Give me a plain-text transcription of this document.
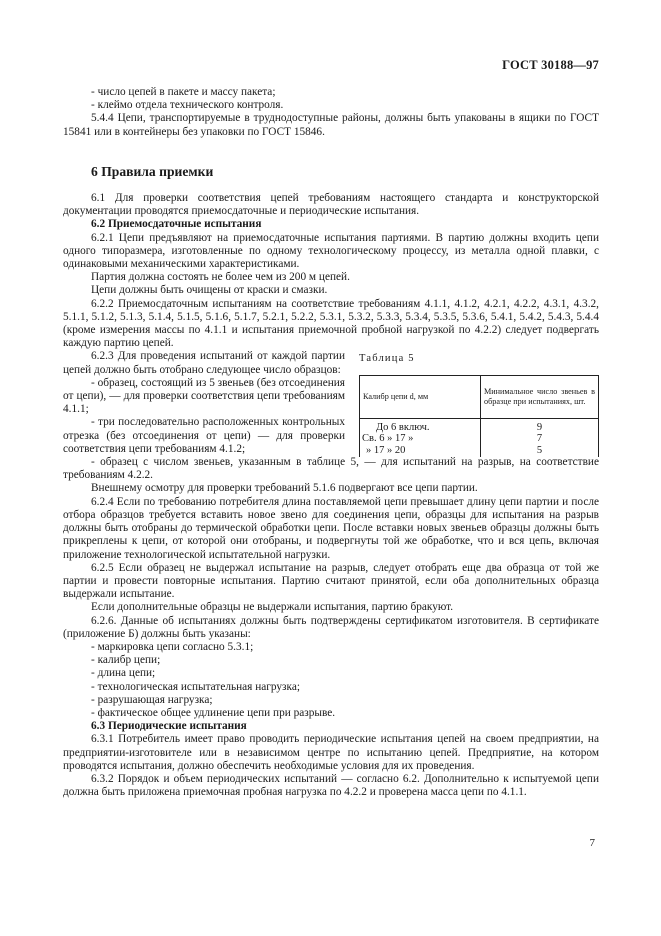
ГОСТ 30188—97

- число цепей в пакете и массу пакета;

- клеймо отдела технического контроля.

5.4.4 Цепи, транспортируемые в труднодоступные районы, должны быть упакованы в ящики по ГОСТ 15841 или в контейнеры без упаковки по ГОСТ 15846.

6 Правила приемки

6.1 Для проверки соответствия цепей требованиям настоящего стандарта и конструкторской документации проводятся приемосдаточные и периодические испытания.

6.2 Приемосдаточные испытания

6.2.1 Цепи предъявляют на приемосдаточные испытания партиями. В партию должны входить цепи одного типоразмера, изготовленные по одному технологическому процессу, из металла одной плавки, с одинаковыми механическими характеристиками.

Партия должна состоять не более чем из 200 м цепей.

Цепи должны быть очищены от краски и смазки.

6.2.2 Приемосдаточным испытаниям на соответствие требованиям 4.1.1, 4.1.2, 4.2.1, 4.2.2, 4.3.1, 4.3.2, 5.1.1, 5.1.2, 5.1.3, 5.1.4, 5.1.5, 5.1.6, 5.1.7, 5.2.1, 5.2.2, 5.3.1, 5.3.2, 5.3.3, 5.3.4, 5.3.5, 5.3.6, 5.4.1, 5.4.2, 5.4.3, 5.4.4 (кроме измерения массы по 4.1.1 и испытания приемочной пробной нагрузкой по 4.2.2) следует подвергать каждую партию цепей.

6.2.3 Для проведения испытаний от каждой партии цепей должно быть отобрано следующее число образцов:

- образец, состоящий из 5 звеньев (без отсоединения от цепи), — для проверки соответствия цепи требованиям 4.1.1;

- три последовательно расположенных контрольных отрезка (без отсоединения от цепи) — для проверки соответствия цепи требованиям 4.1.2;

Таблица 5
Калибр цепи d, мм	Минимальное число звеньев в образце при испытаниях, шт.

До 6 включ.	9

Св. 6 » 17 »	7

» 17 » 20	5

- образец с числом звеньев, указанным в таблице 5, — для испытаний на разрыв, на соответствие требованиям 4.2.2.

Внешнему осмотру для проверки требований 5.1.6 подвергают все цепи партии.

6.2.4 Если по требованию потребителя длина поставляемой цепи превышает длину цепи партии и после отбора образцов требуется вставить новое звено для соединения цепи, образцы для испытания на разрыв должны быть отобраны до термической обработки цепи. После вставки новых звеньев образцы должны быть прикреплены к цепи, от которой они отобраны, и подвергнуты той же обработке, что и вся цепь, включая приложение технологической испытательной нагрузки.

6.2.5 Если образец не выдержал испытание на разрыв, следует отобрать еще два образца от той же партии и провести повторные испытания. Партию считают принятой, если оба дополнительных образца выдержали испытание.

Если дополнительные образцы не выдержали испытания, партию бракуют.

6.2.6. Данные об испытаниях должны быть подтверждены сертификатом изготовителя. В сертификате (приложение Б) должны быть указаны:

- маркировка цепи согласно 5.3.1;

- калибр цепи;

- длина цепи;

- технологическая испытательная нагрузка;

- разрушающая нагрузка;

- фактическое общее удлинение цепи при разрыве.

6.3 Периодические испытания

6.3.1 Потребитель имеет право проводить периодические испытания цепей на своем предприятии, на предприятии-изготовителе или в независимом центре по испытанию цепей. Предприятие, на котором проводятся испытания, должно обеспечить необходимые условия для их проведения.

6.3.2 Порядок и объем периодических испытаний — согласно 6.2. Дополнительно к испытуемой цепи должна быть приложена приемочная пробная нагрузка по 4.2.2 и проверена масса цепи по 4.1.1.

7
